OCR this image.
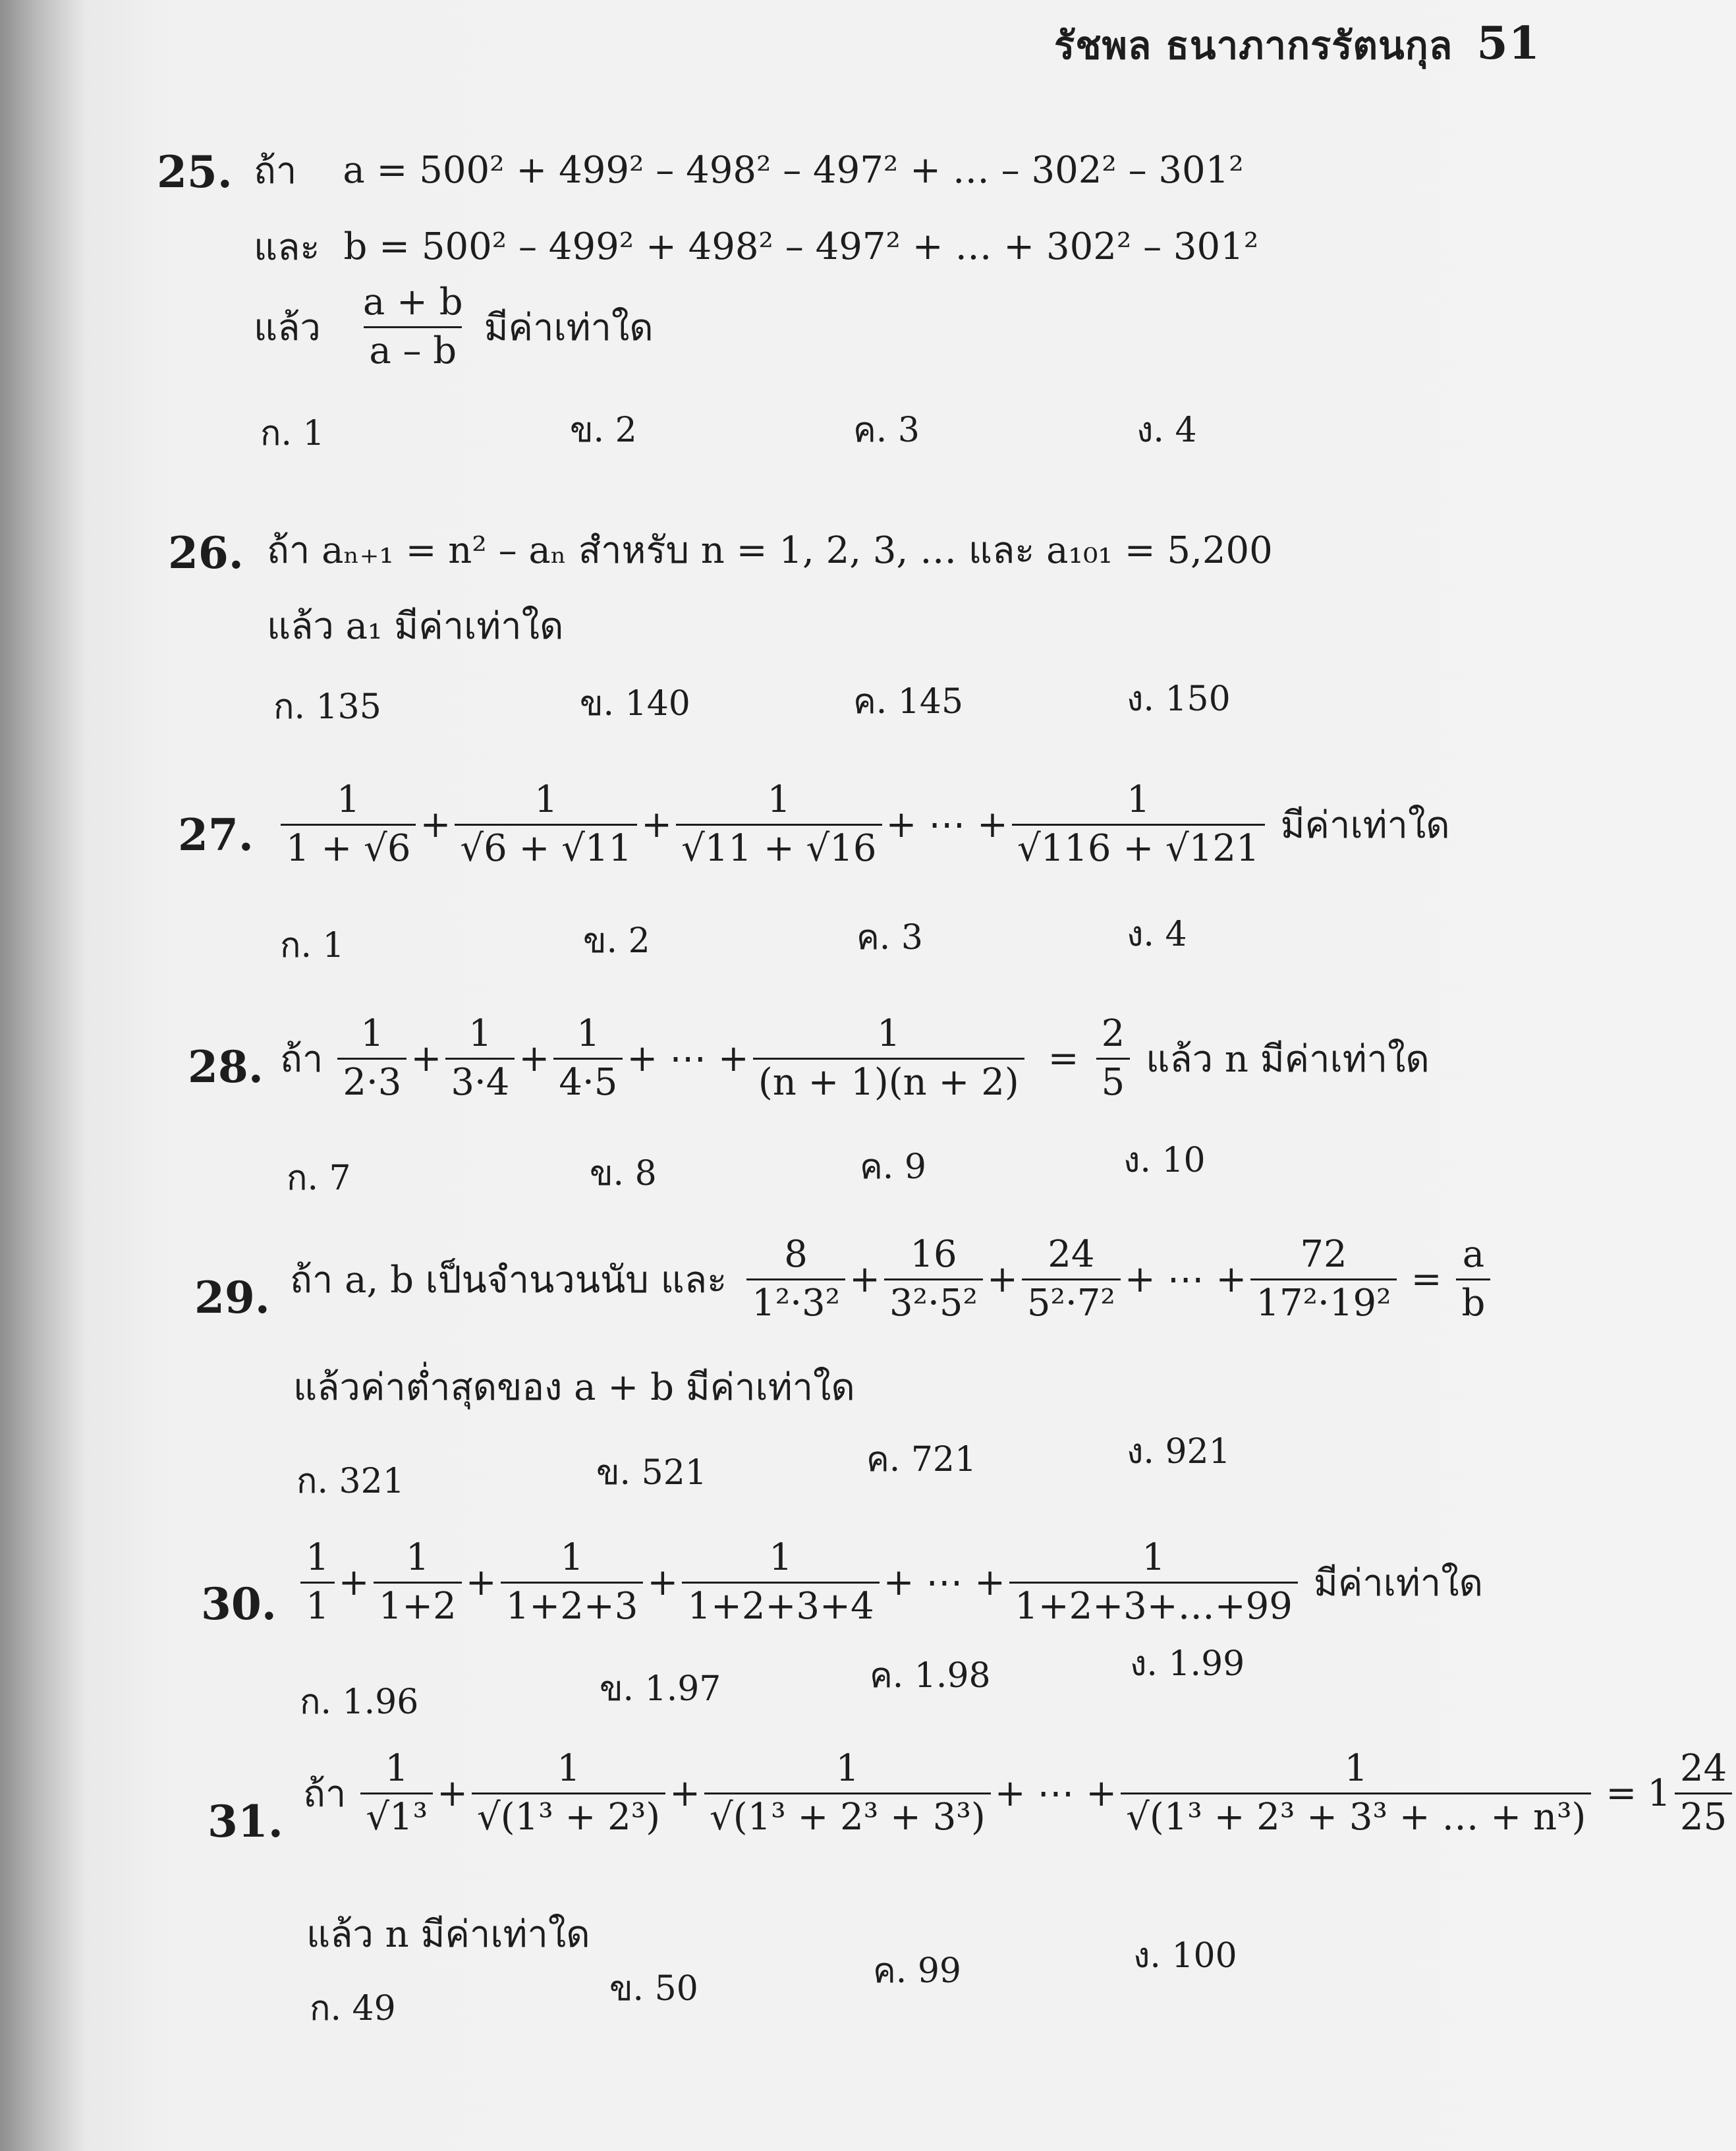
รัชพล ธนาภากรรัตนกุล 51
25. ถ้า a = 500² + 499² – 498² – 497² + … – 302² – 301²
และ b = 500² – 499² + 498² – 497² + … + 302² – 301²
แล้ว $\frac{a + b}{a - b}$ มีค่าเท่าใด
ก. 1	ข. 2	ค. 3	ง. 4
26. ถ้า aₙ₊₁ = n² – aₙ สำหรับ n = 1, 2, 3, … และ a₁₀₁ = 5,200
แล้ว a₁ มีค่าเท่าใด
ก. 135	ข. 140	ค. 145	ง. 150
27. $\frac{1}{1 + √6} + \frac{1}{√6 + √11} + \frac{1}{√11 + √16}$ + ⋯ + $\frac{1}{√116 + √121}$ มีค่าเท่าใด
ก. 1	ข. 2	ค. 3	ง. 4
28. ถ้า $\frac{1}{2\cdot 3} + \frac{1}{3\cdot 4} + \frac{1}{4\cdot 5}$ + ⋯ + $\frac{1}{(n + 1)(n + 2)} = \frac{2}{5}$ แล้ว n มีค่าเท่าใด
ก. 7	ข. 8	ค. 9	ง. 10
29. ถ้า a, b เป็นจำนวนนับ และ $\frac{8}{\text{1²·3²}} + \frac{16}{\text{3²·5²}} + \frac{24}{\text{5²·7²}}$ + ⋯ + $\frac{72}{\text{17²·19²}} = \frac{a}{b}$
แล้วค่าต่ำสุดของ a + b มีค่าเท่าใด
ก. 321	ข. 521	ค. 721	ง. 921
30. $\frac{1}{1} + \frac{1}{1+2} + \frac{1}{1+2+3} + \frac{1}{1+2+3+4}$ + ⋯ + $\frac{1}{1+2+3+\dots+99}$ มีค่าเท่าใด
ก. 1.96	ข. 1.97	ค. 1.98	ง. 1.99
31.
ถ้า $\frac{1}{\text{√1³}} + \frac{1}{\text{√(1³ + 2³)}} + \frac{1}{\text{√(1³ + 2³ + 3³)}}$ + ⋯ + $\frac{1}{\text{√(1³ + 2³ + 3³ + … + n³)}} = 1 \frac{24}{25}$
แล้ว n มีค่าเท่าใด
ก. 49	ข. 50	ค. 99	ง. 100
